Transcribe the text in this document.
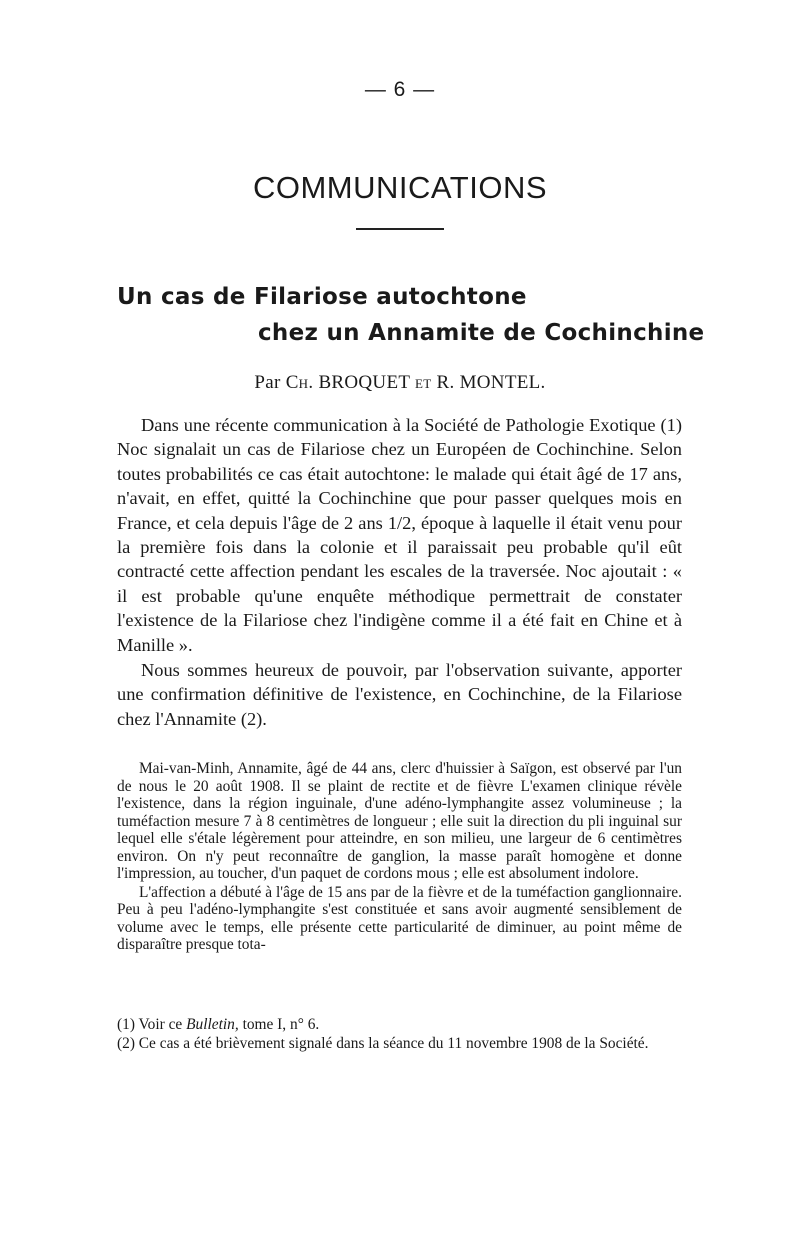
— 6 —
COMMUNICATIONS
Un cas de Filariose autochtone
chez un Annamite de Cochinchine
Par Ch. BROQUET et R. MONTEL.

Dans une récente communication à la Société de Pathologie Exotique (1) Noc signalait un cas de Filariose chez un Européen de Cochinchine. Selon toutes probabilités ce cas était autochtone: le malade qui était âgé de 17 ans, n'avait, en effet, quitté la Cochinchine que pour passer quelques mois en France, et cela depuis l'âge de 2 ans 1/2, époque à laquelle il était venu pour la première fois dans la colonie et il paraissait peu probable qu'il eût contracté cette affection pendant les escales de la traversée. Noc ajoutait : « il est probable qu'une enquête méthodique permettrait de constater l'existence de la Filariose chez l'indigène comme il a été fait en Chine et à Manille ».

Nous sommes heureux de pouvoir, par l'observation suivante, apporter une confirmation définitive de l'existence, en Cochinchine, de la Filariose chez l'Annamite (2).

Mai-van-Minh, Annamite, âgé de 44 ans, clerc d'huissier à Saïgon, est observé par l'un de nous le 20 août 1908. Il se plaint de rectite et de fièvre L'examen clinique révèle l'existence, dans la région inguinale, d'une adéno-lymphangite assez volumineuse ; la tuméfaction mesure 7 à 8 centimètres de longueur ; elle suit la direction du pli inguinal sur lequel elle s'étale légèrement pour atteindre, en son milieu, une largeur de 6 centimètres environ. On n'y peut reconnaître de ganglion, la masse paraît homogène et donne l'impression, au toucher, d'un paquet de cordons mous ; elle est absolument indolore.

L'affection a débuté à l'âge de 15 ans par de la fièvre et de la tuméfaction ganglionnaire. Peu à peu l'adéno-lymphangite s'est constituée et sans avoir augmenté sensiblement de volume avec le temps, elle présente cette particularité de diminuer, au point même de disparaître presque tota-

(1) Voir ce Bulletin, tome I, n° 6.

(2) Ce cas a été brièvement signalé dans la séance du 11 novembre 1908 de la Société.
